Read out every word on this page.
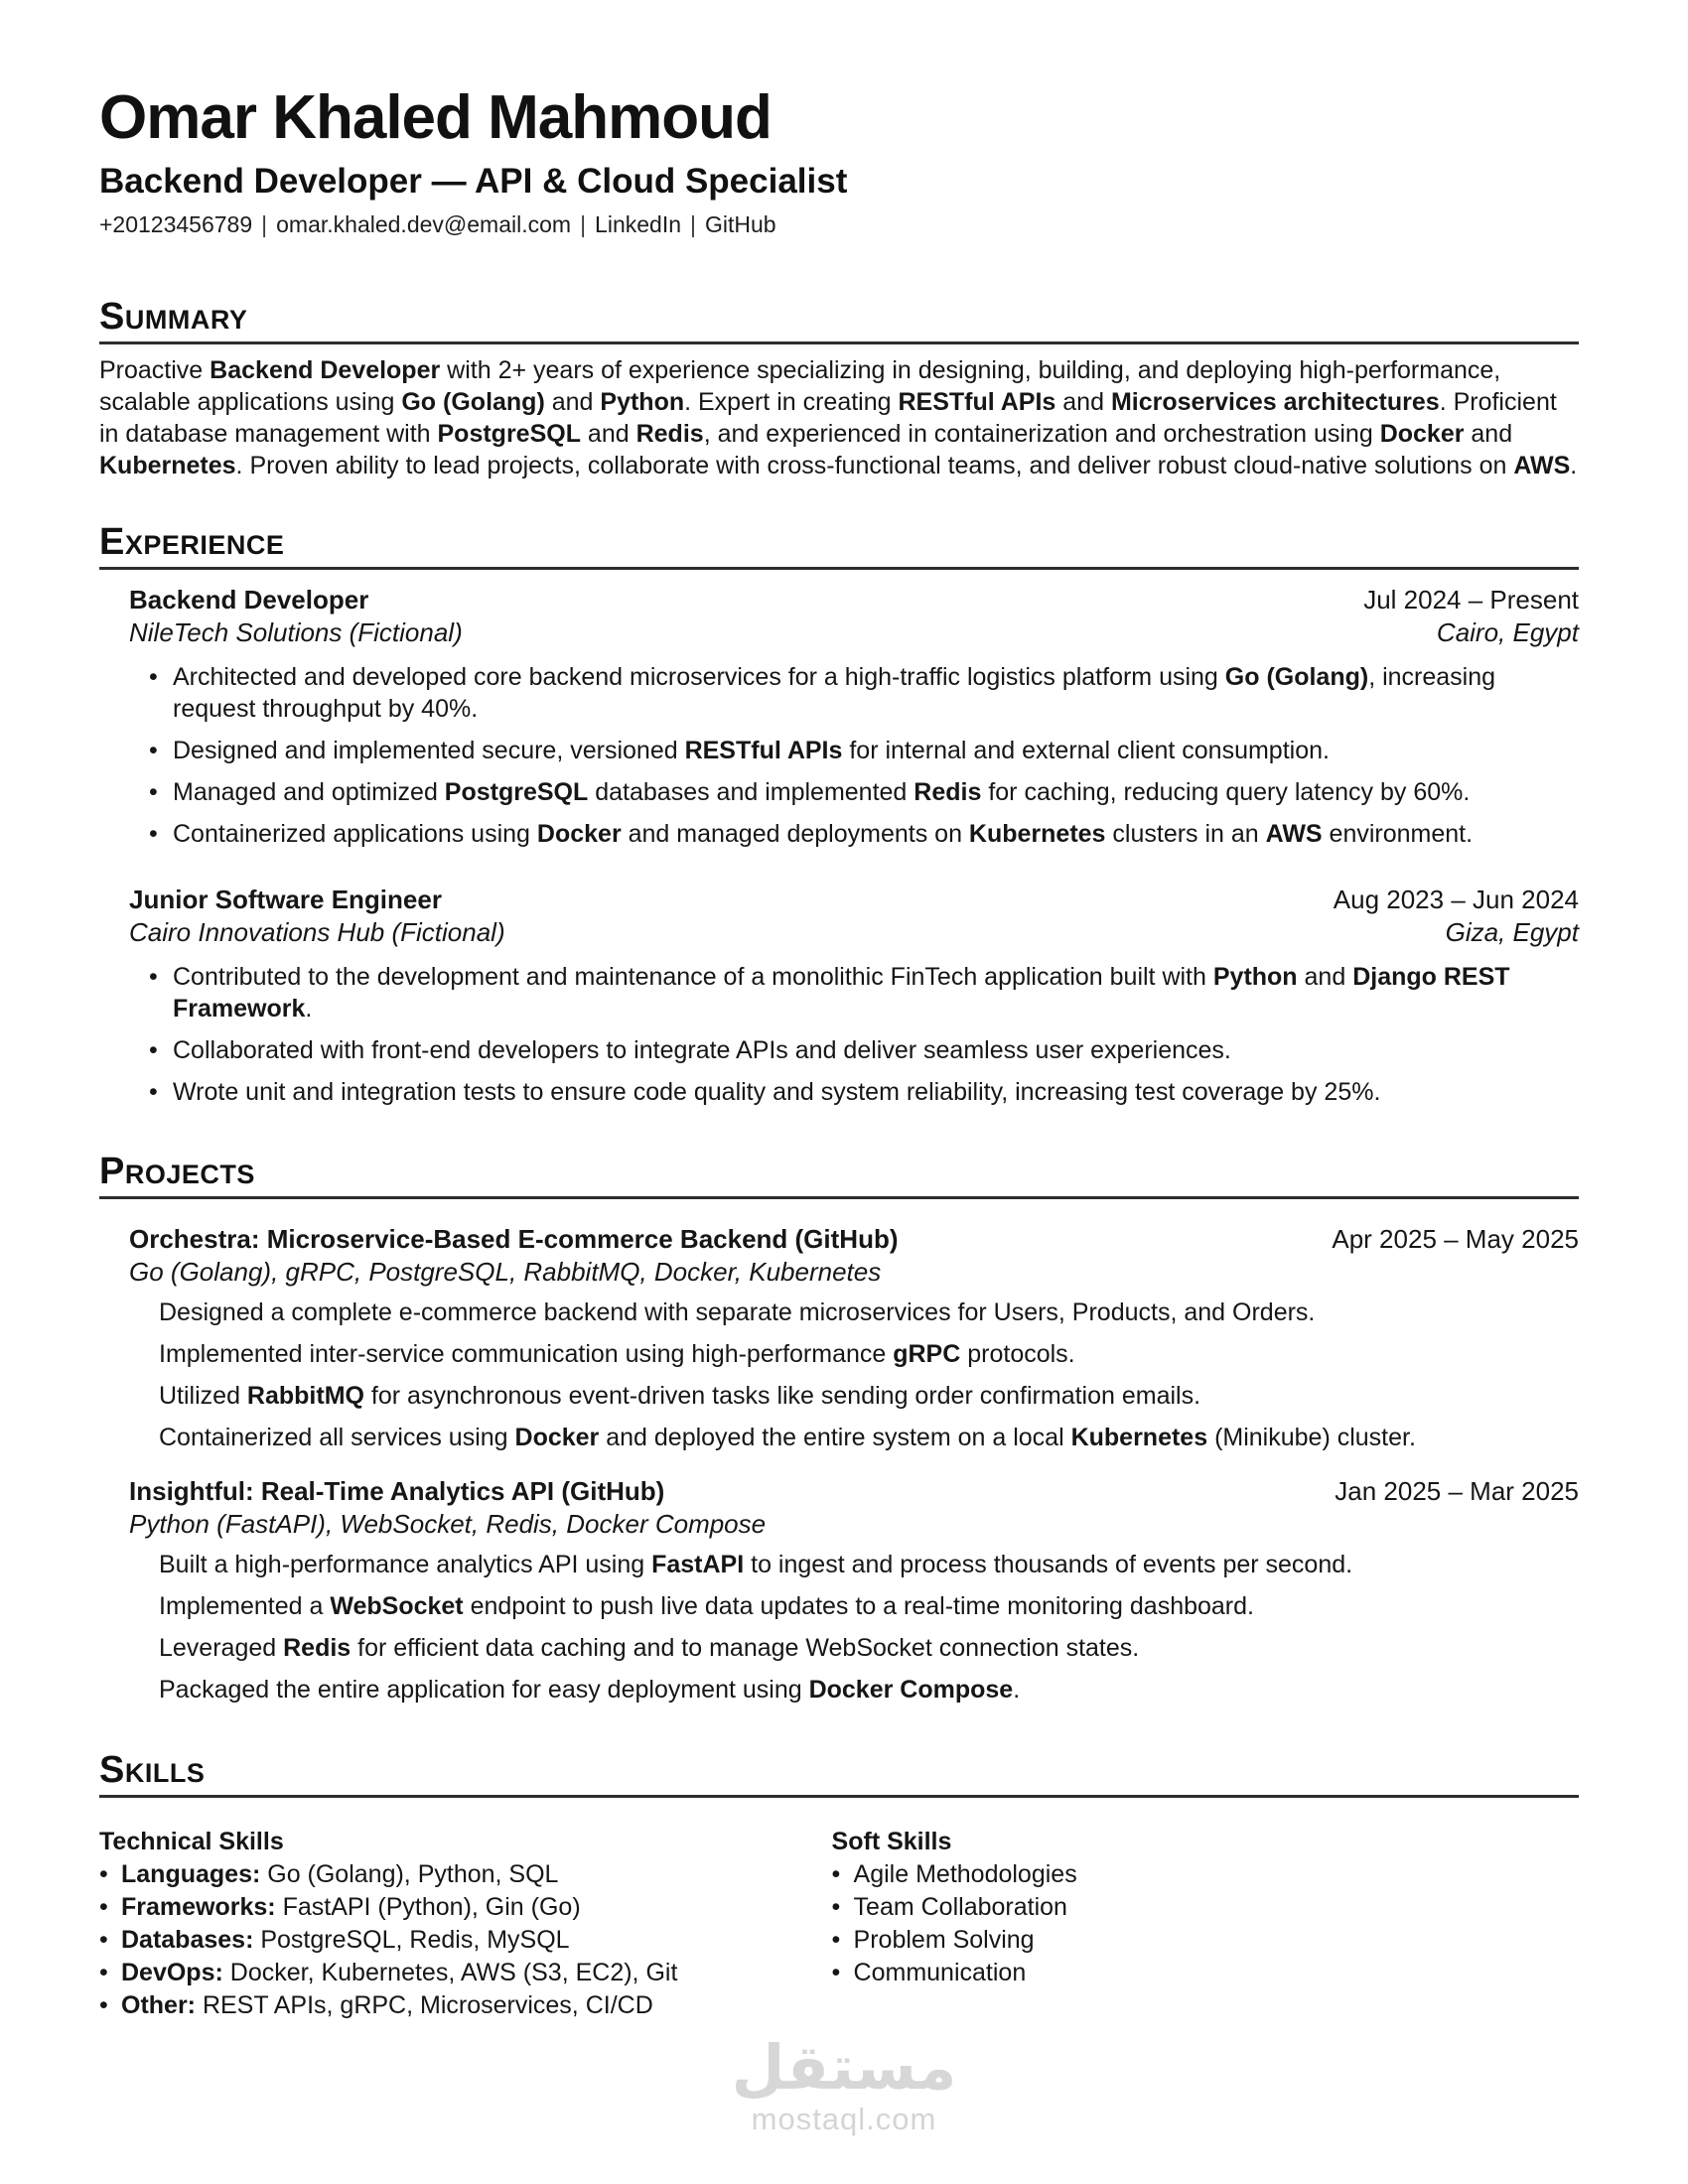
Omar Khaled Mahmoud
Backend Developer — API & Cloud Specialist
+20123456789 | omar.khaled.dev@email.com | LinkedIn | GitHub
Summary

Proactive Backend Developer with 2+ years of experience specializing in designing, building, and deploying high-performance, scalable applications using Go (Golang) and Python. Expert in creating RESTful APIs and Microservices architectures. Proficient in database management with PostgreSQL and Redis, and experienced in containerization and orchestration using Docker and Kubernetes. Proven ability to lead projects, collaborate with cross-functional teams, and deliver robust cloud-native solutions on AWS.

Experience
Backend Developer	Jul 2024 – Present
NileTech Solutions (Fictional)	Cairo, Egypt
• Architected and developed core backend microservices for a high-traffic logistics platform using Go (Golang), increasing request throughput by 40%.
• Designed and implemented secure, versioned RESTful APIs for internal and external client consumption.
• Managed and optimized PostgreSQL databases and implemented Redis for caching, reducing query latency by 60%.
• Containerized applications using Docker and managed deployments on Kubernetes clusters in an AWS environment.
Junior Software Engineer	Aug 2023 – Jun 2024
Cairo Innovations Hub (Fictional)	Giza, Egypt
• Contributed to the development and maintenance of a monolithic FinTech application built with Python and Django REST Framework.
• Collaborated with front-end developers to integrate APIs and deliver seamless user experiences.
• Wrote unit and integration tests to ensure code quality and system reliability, increasing test coverage by 25%.
Projects
Orchestra: Microservice-Based E-commerce Backend (GitHub)	Apr 2025 – May 2025
Go (Golang), gRPC, PostgreSQL, RabbitMQ, Docker, Kubernetes
Designed a complete e-commerce backend with separate microservices for Users, Products, and Orders.
Implemented inter-service communication using high-performance gRPC protocols.
Utilized RabbitMQ for asynchronous event-driven tasks like sending order confirmation emails.
Containerized all services using Docker and deployed the entire system on a local Kubernetes (Minikube) cluster.
Insightful: Real-Time Analytics API (GitHub)	Jan 2025 – Mar 2025
Python (FastAPI), WebSocket, Redis, Docker Compose
Built a high-performance analytics API using FastAPI to ingest and process thousands of events per second.
Implemented a WebSocket endpoint to push live data updates to a real-time monitoring dashboard.
Leveraged Redis for efficient data caching and to manage WebSocket connection states.
Packaged the entire application for easy deployment using Docker Compose.
Skills
Technical Skills
• Languages: Go (Golang), Python, SQL
• Frameworks: FastAPI (Python), Gin (Go)
• Databases: PostgreSQL, Redis, MySQL
• DevOps: Docker, Kubernetes, AWS (S3, EC2), Git
• Other: REST APIs, gRPC, Microservices, CI/CD
Soft Skills
• Agile Methodologies
• Team Collaboration
• Problem Solving
• Communication
مستقل
mostaql.com
